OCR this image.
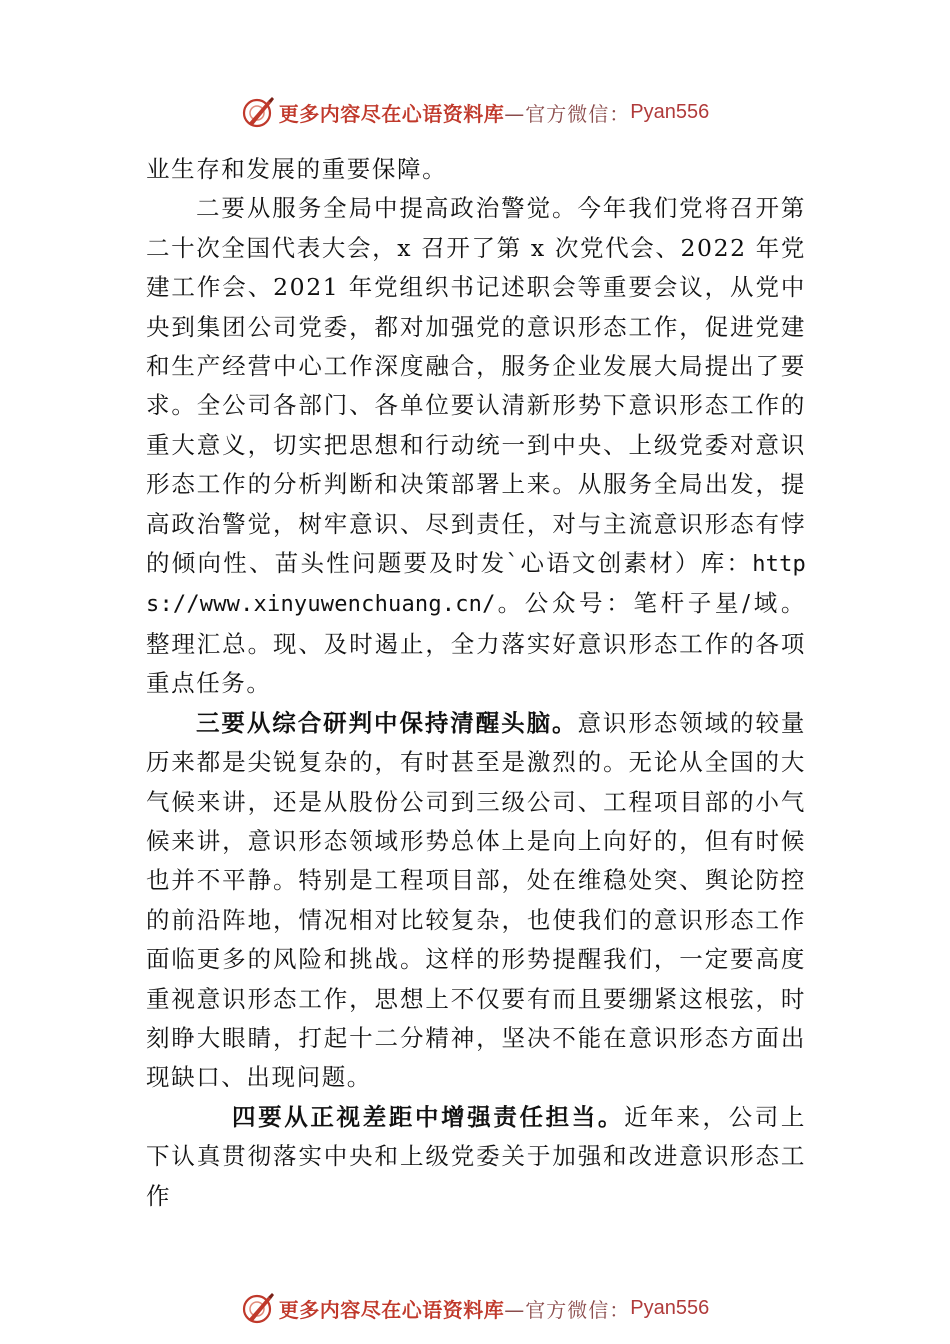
更多内容尽在心语资料库 —官方微信： Pyan556

业生存和发展的重要保障。

二要从服务全局中提高政治警觉。今年我们党将召开第二十次全国代表大会，x 召开了第 x 次党代会、2022 年党建工作会、2021 年党组织书记述职会等重要会议，从党中央到集团公司党委，都对加强党的意识形态工作，促进党建和生产经营中心工作深度融合，服务企业发展大局提出了要求。全公司各部门、各单位要认清新形势下意识形态工作的重大意义，切实把思想和行动统一到中央、上级党委对意识形态工作的分析判断和决策部署上来。从服务全局出发，提高政治警觉，树牢意识、尽到责任，对与主流意识形态有悖的倾向性、苗头性问题要及时发`心语文创素材）库：https://www.xinyuwenchuang.cn/。公众号：笔杆子星/域。整理汇总。现、及时遏止，全力落实好意识形态工作的各项重点任务。

三要从综合研判中保持清醒头脑。意识形态领域的较量历来都是尖锐复杂的，有时甚至是激烈的。无论从全国的大气候来讲，还是从股份公司到三级公司、工程项目部的小气候来讲，意识形态领域形势总体上是向上向好的，但有时候也并不平静。特别是工程项目部，处在维稳处突、舆论防控的前沿阵地，情况相对比较复杂，也使我们的意识形态工作面临更多的风险和挑战。这样的形势提醒我们，一定要高度重视意识形态工作，思想上不仅要有而且要绷紧这根弦，时刻睁大眼睛，打起十二分精神，坚决不能在意识形态方面出现缺口、出现问题。

四要从正视差距中增强责任担当。近年来，公司上下认真贯彻落实中央和上级党委关于加强和改进意识形态工作

更多内容尽在心语资料库 —官方微信： Pyan556
